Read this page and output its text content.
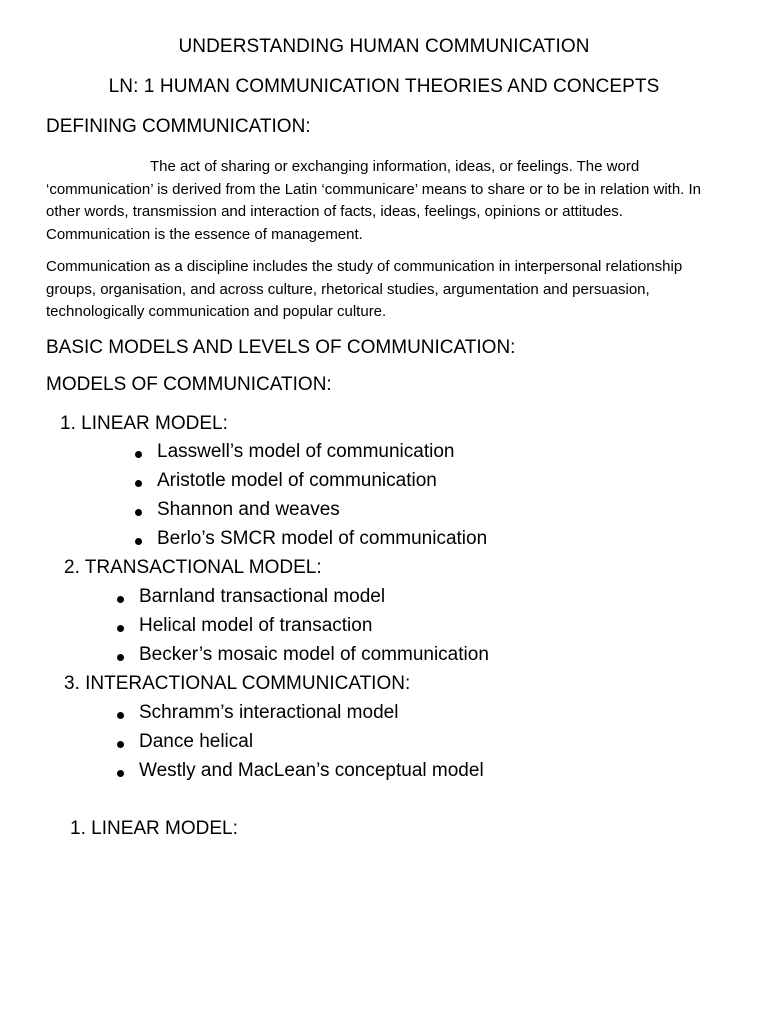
UNDERSTANDING HUMAN COMMUNICATION
LN: 1 HUMAN COMMUNICATION THEORIES AND CONCEPTS
DEFINING COMMUNICATION:

The act of sharing or exchanging information, ideas, or feelings. The word ‘communication’ is derived from the Latin ‘communicare’ means to share or to be in relation with. In other words, transmission and interaction of facts, ideas, feelings, opinions or attitudes. Communication is the essence of management.

Communication as a discipline includes the study of communication in interpersonal relationship groups, organisation, and across culture, rhetorical studies, argumentation and persuasion, technologically communication and popular culture.

BASIC MODELS AND LEVELS OF COMMUNICATION:
MODELS OF COMMUNICATION:
1. LINEAR MODEL:
Lasswell’s model of communication
Aristotle model of communication
Shannon and weaves
Berlo’s SMCR model of communication
2. TRANSACTIONAL MODEL:
Barnland transactional model
Helical model of transaction
Becker’s mosaic model of communication
3. INTERACTIONAL COMMUNICATION:
Schramm’s interactional model
Dance helical
Westly and MacLean’s conceptual model
1. LINEAR MODEL:
